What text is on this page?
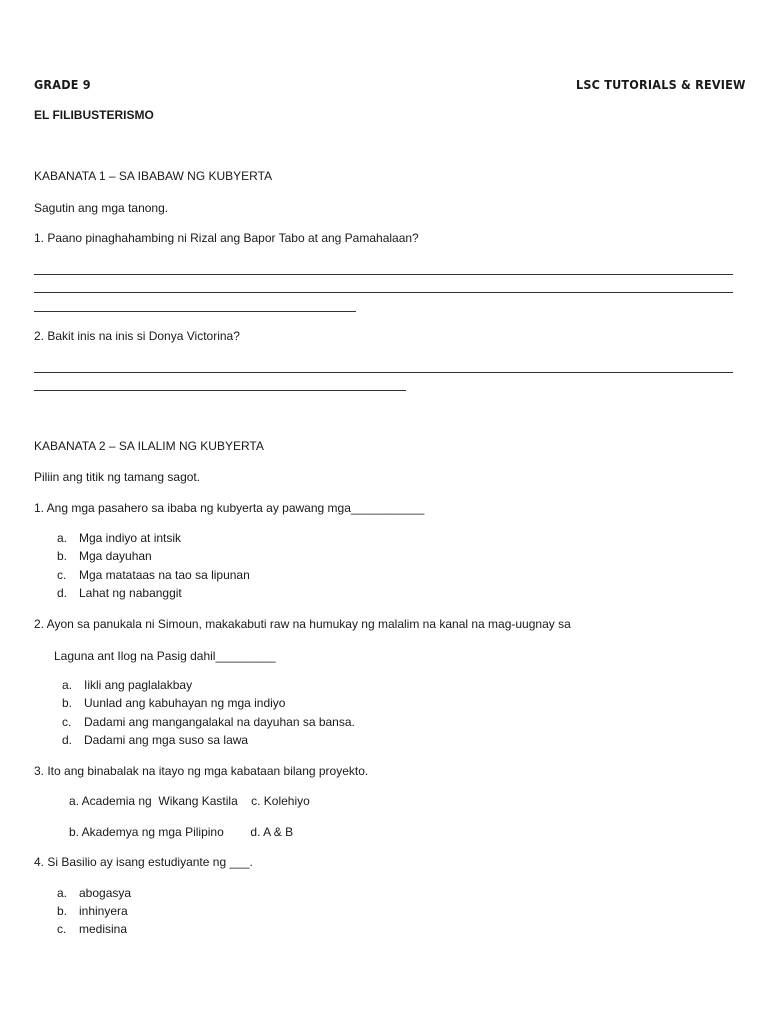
GRADE 9	LSC TUTORIALS & REVIEW
EL FILIBUSTERISMO
KABANATA 1 – SA IBABAW NG KUBYERTA
Sagutin ang mga tanong.
1. Paano pinaghahambing ni Rizal ang Bapor Tabo at ang Pamahalaan?
2. Bakit inis na inis si Donya Victorina?
KABANATA 2 – SA ILALIM NG KUBYERTA
Piliin ang titik ng tamang sagot.
1. Ang mga pasahero sa ibaba ng kubyerta ay pawang mga___________
a. Mga indiyo at intsik
b. Mga dayuhan
c. Mga matataas na tao sa lipunan
d. Lahat ng nabanggit
2. Ayon sa panukala ni Simoun, makakabuti raw na humukay ng malalim na kanal na mag-uugnay sa
Laguna ant Ilog na Pasig dahil_________
a. Iikli ang paglalakbay
b. Uunlad ang kabuhayan ng mga indiyo
c. Dadami ang mangangalakal na dayuhan sa bansa.
d. Dadami ang mga suso sa lawa
3. Ito ang binabalak na itayo ng mga kabataan bilang proyekto.
a. Academia ng  Wikang Kastila    c. Kolehiyo
b. Akademya ng mga Pilipino        d. A & B
4. Si Basilio ay isang estudiyante ng ___.
a. abogasya
b. inhinyera
c. medisina
